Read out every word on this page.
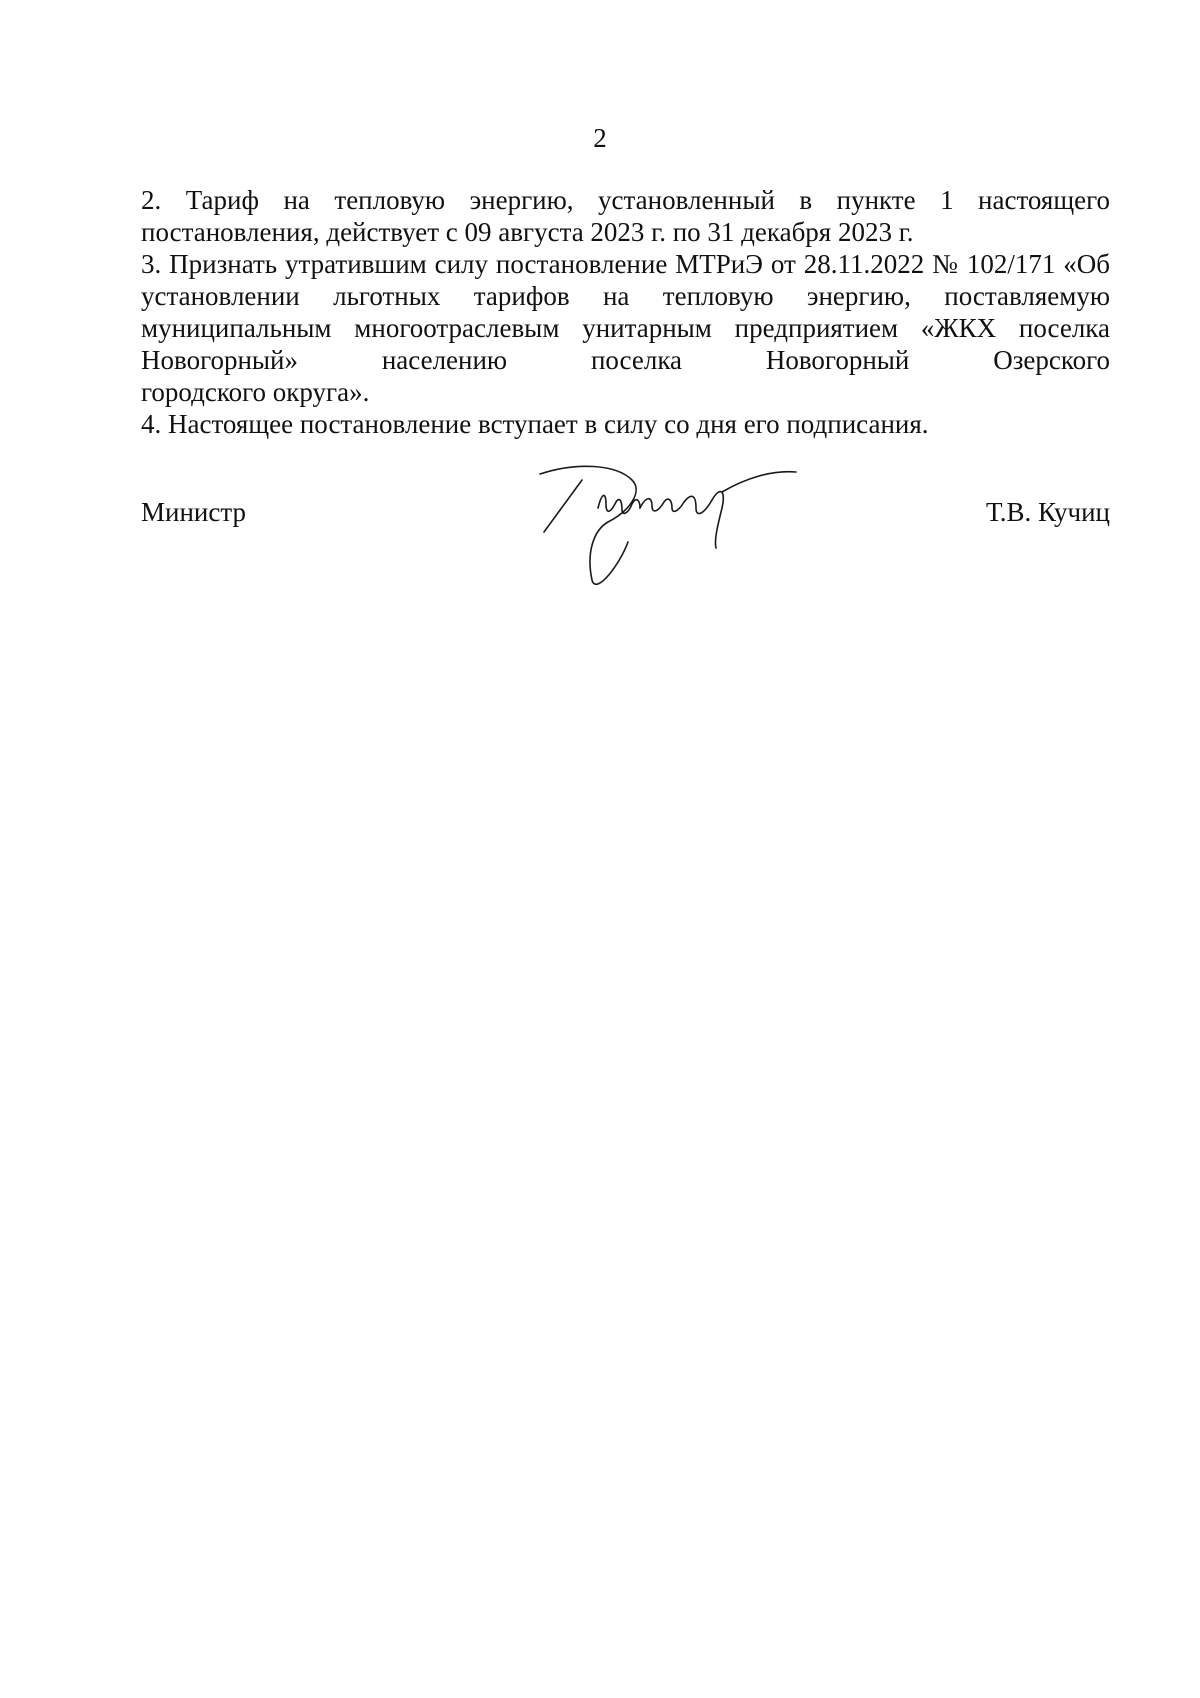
2

2. Тариф на тепловую энергию, установленный в пункте 1 настоящего

постановления, действует с 09 августа 2023 г. по 31 декабря 2023 г.

3. Признать утратившим силу постановление МТРиЭ от 28.11.2022 № 102/171 «Об установлении льготных тарифов на тепловую энергию, поставляемую муниципальным многоотраслевым унитарным предприятием «ЖКХ поселка Новогорный» населению поселка Новогорный Озерского

городского округа».

4. Настоящее постановление вступает в силу со дня его подписания.

Министр	Т.В. Кучиц
